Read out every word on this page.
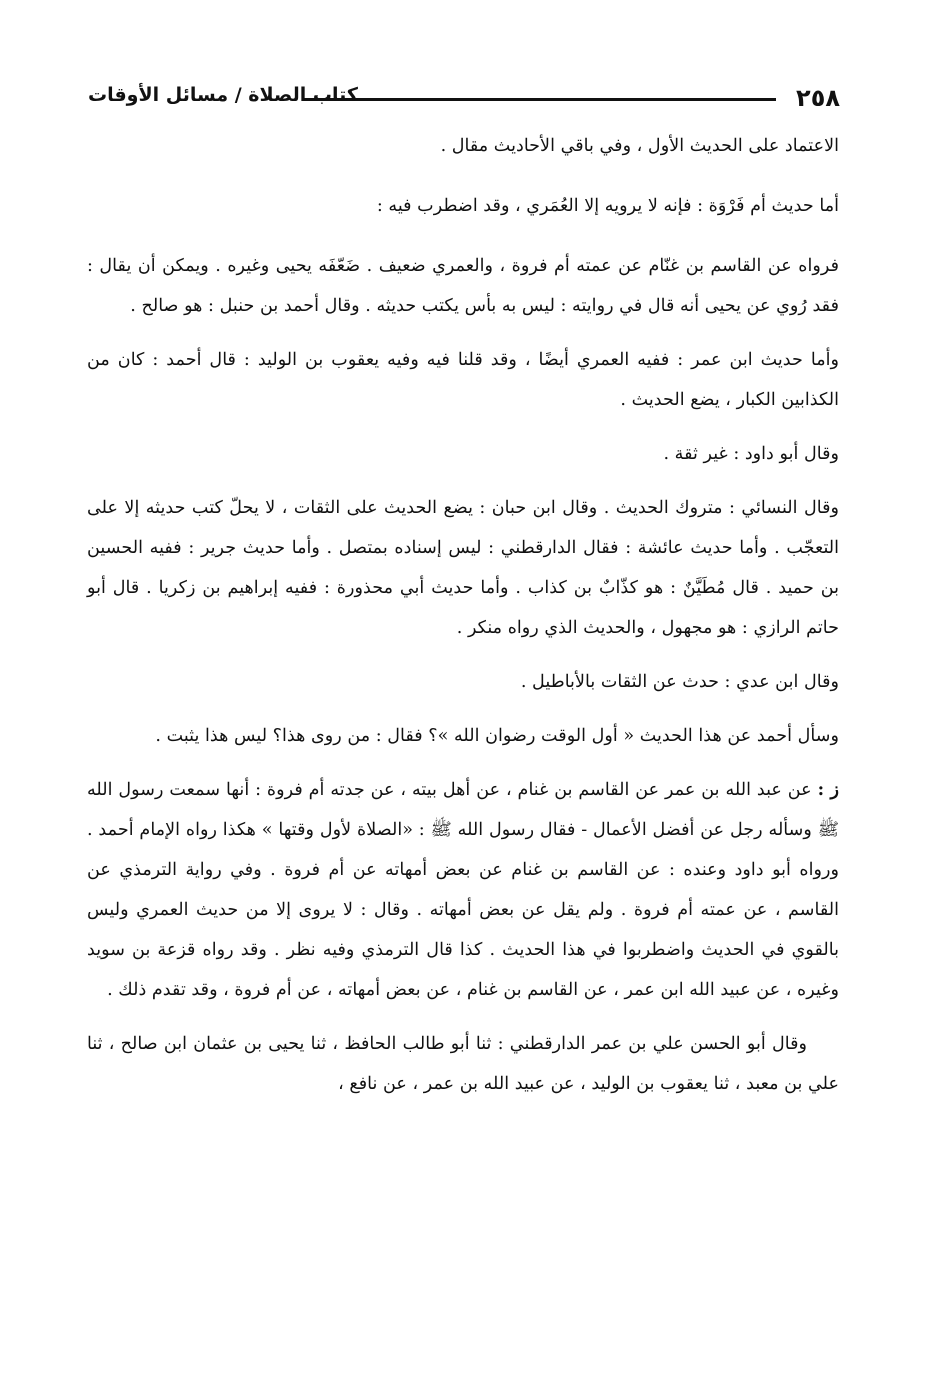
٢٥٨
كتاب الصلاة / مسائل الأوقات

الاعتماد على الحديث الأول ، وفي باقي الأحاديث مقال .

أما حديث أم فَرْوَة : فإنه لا يرويه إلا العُمَري ، وقد اضطرب فيه :

فرواه عن القاسم بن غنّام عن عمته أم فروة ، والعمري ضعيف . ضَعّفَه يحيى وغيره . ويمكن أن يقال : فقد رُوي عن يحيى أنه قال في روايته : ليس به بأس يكتب حديثه . وقال أحمد بن حنبل : هو صالح .

وأما حديث ابن عمر : ففيه العمري أيضًا ، وقد قلنا فيه وفيه يعقوب بن الوليد : قال أحمد : كان من الكذابين الكبار ، يضع الحديث .

وقال أبو داود : غير ثقة .

وقال النسائي : متروك الحديث . وقال ابن حبان : يضع الحديث على الثقات ، لا يحلّ كتب حديثه إلا على التعجّب . وأما حديث عائشة : فقال الدارقطني : ليس إسناده بمتصل . وأما حديث جرير : ففيه الحسين بن حميد . قال مُطَيَّنٌ : هو كذّابٌ بن كذاب . وأما حديث أبي محذورة : ففيه إبراهيم بن زكريا . قال أبو حاتم الرازي : هو مجهول ، والحديث الذي رواه منكر .

وقال ابن عدي : حدث عن الثقات بالأباطيل .

وسأل أحمد عن هذا الحديث « أول الوقت رضوان الله »؟ فقال : من روى هذا؟ ليس هذا يثبت .

ز : عن عبد الله بن عمر عن القاسم بن غنام ، عن أهل بيته ، عن جدته أم فروة : أنها سمعت رسول الله ﷺ وسأله رجل عن أفضل الأعمال - فقال رسول الله ﷺ : «الصلاة لأول وقتها » هكذا رواه الإمام أحمد . ورواه أبو داود وعنده : عن القاسم بن غنام عن بعض أمهاته عن أم فروة . وفي رواية الترمذي عن القاسم ، عن عمته أم فروة . ولم يقل عن بعض أمهاته . وقال : لا يروى إلا من حديث العمري وليس بالقوي في الحديث واضطربوا في هذا الحديث . كذا قال الترمذي وفيه نظر . وقد رواه قزعة بن سويد وغيره ، عن عبيد الله ابن عمر ، عن القاسم بن غنام ، عن بعض أمهاته ، عن أم فروة ، وقد تقدم ذلك .

وقال أبو الحسن علي بن عمر الدارقطني : ثنا أبو طالب الحافظ ، ثنا يحيى بن عثمان ابن صالح ، ثنا علي بن معبد ، ثنا يعقوب بن الوليد ، عن عبيد الله بن عمر ، عن نافع ،
